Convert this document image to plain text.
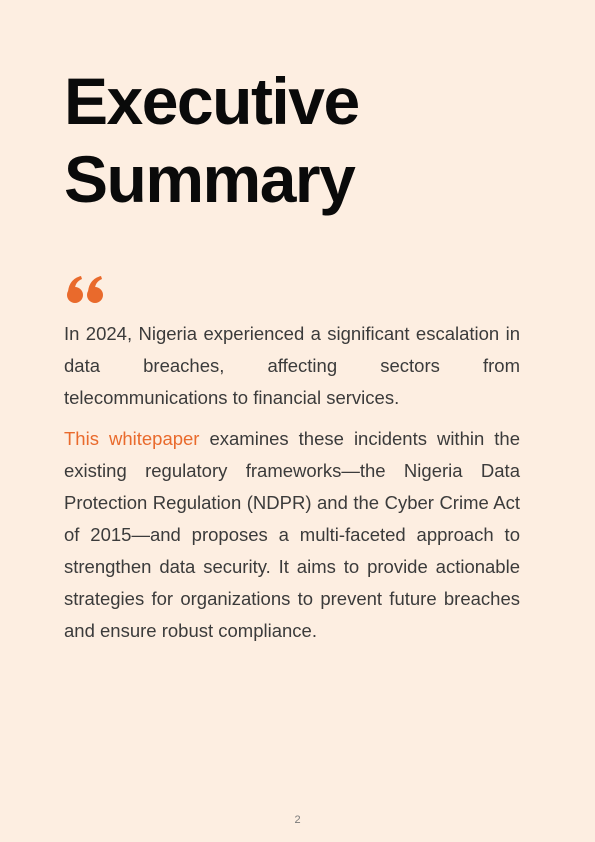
Executive
Summary

In 2024, Nigeria experienced a significant escalation in data breaches, affecting sectors from telecommunications to financial services.

This whitepaper examines these incidents within the existing regulatory frameworks—the Nigeria Data Protection Regulation (NDPR) and the Cyber Crime Act of 2015—and proposes a multi-faceted approach to strengthen data security. It aims to provide actionable strategies for organizations to prevent future breaches and ensure robust compliance.

2
